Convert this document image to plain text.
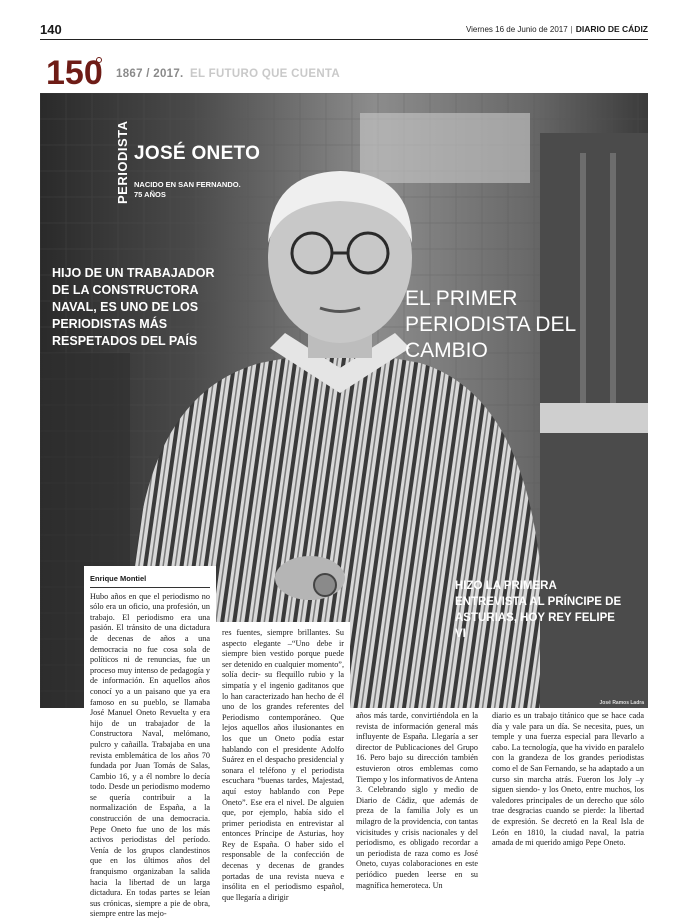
140	Viernes 16 de Junio de 2017 | DIARIO DE CÁDIZ
150 1867 / 2017. EL FUTURO QUE CUENTA
José Ramos Ladra
PERIODISTA JOSÉ ONETO
NACIDO EN SAN FERNANDO.
75 AÑOS
HIJO DE UN TRABAJADOR DE LA CONSTRUCTORA NAVAL, ES UNO DE LOS PERIODISTAS MÁS RESPETADOS DEL PAÍS
EL PRIMER PERIODISTA DEL CAMBIO
HIZO LA PRIMERA ENTREVISTA AL PRÍNCIPE DE ASTURIAS, HOY REY FELIPE VI
Enrique Montiel

Hubo años en que el periodismo no sólo era un oficio, una profesión, un trabajo. El periodismo era una pasión. El tránsito de una dictadura de decenas de años a una democracia no fue cosa sola de políticos ni de renuncias, fue un proceso muy intenso de pedagogía y de información. En aquellos años conocí yo a un paisano que ya era famoso en su pueblo, se llamaba José Manuel Oneto Revuelta y era hijo de un trabajador de la Constructora Naval, melómano, pulcro y cañailla. Trabajaba en una revista emblemática de los años 70 fundada por Juan Tomás de Salas, Cambio 16, y a él nombre lo decía todo. Desde un periodismo moderno se quería contribuir a la normalización de España, a la construcción de una democracia. Pepe Oneto fue uno de los más activos periodistas del período. Venía de los grupos clandestinos que en los últimos años del franquismo organizaban la salida hacia la libertad de un larga dictadura. En todas partes se leían sus crónicas, siempre a pie de obra, siempre entre las mejo-

res fuentes, siempre brillantes. Su aspecto elegante –“Uno debe ir siempre bien vestido porque puede ser detenido en cualquier momento”, solía decir- su flequillo rubio y la simpatía y el ingenio gaditanos que lo han caracterizado han hecho de él uno de los grandes referentes del Periodismo contemporáneo. Que lejos aquellos años ilusionantes en los que un Oneto podía estar hablando con el presidente Adolfo Suárez en el despacho presidencial y sonara el teléfono y el periodista escuchara “buenas tardes, Majestad, aquí estoy hablando con Pepe Oneto”. Ese era el nivel. De alguien que, por ejemplo, había sido el primer periodista en entrevistar al entonces Príncipe de Asturias, hoy Rey de España. O haber sido el responsable de la confección de decenas y decenas de grandes portadas de una revista nueva e insólita en el periodismo español, que llegaría a dirigir

años más tarde, convirtiéndola en la revista de información general más influyente de España. Llegaría a ser director de Publicaciones del Grupo 16. Pero bajo su dirección también estuvieron otros emblemas como Tiempo y los informativos de Antena 3. Celebrando siglo y medio de Diario de Cádiz, que además de preza de la familia Joly es un milagro de la providencia, con tantas vicisitudes y crisis nacionales y del periodismo, es obligado recordar a un periodista de raza como es José Oneto, cuyas colaboraciones en este periódico pueden leerse en su magnífica hemeroteca. Un

diario es un trabajo titánico que se hace cada día y vale para un día. Se necesita, pues, un temple y una fuerza especial para llevarlo a cabo. La tecnología, que ha vivido en paralelo con la grandeza de los grandes periodistas como el de San Fernando, se ha adaptado a un curso sin marcha atrás. Fueron los Joly –y siguen siendo- y los Oneto, entre muchos, los valedores principales de un derecho que sólo trae desgracias cuando se pierde: la libertad de expresión. Se decretó en la Real Isla de León en 1810, la ciudad naval, la patria amada de mi querido amigo Pepe Oneto.
